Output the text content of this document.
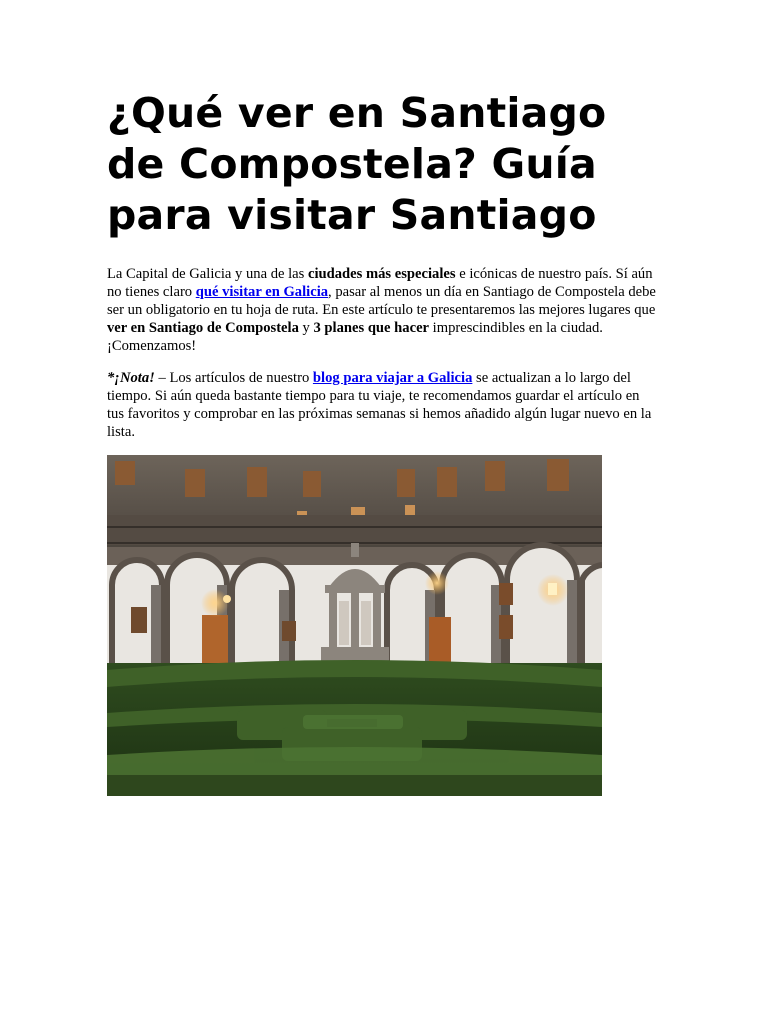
¿Qué ver en Santiago de Compostela? Guía para visitar Santiago

La Capital de Galicia y una de las ciudades más especiales e icónicas de nuestro país. Sí aún no tienes claro qué visitar en Galicia, pasar al menos un día en Santiago de Compostela debe ser un obligatorio en tu hoja de ruta. En este artículo te presentaremos las mejores lugares que ver en Santiago de Compostela y 3 planes que hacer imprescindibles en la ciudad. ¡Comenzamos!

*¡Nota! – Los artículos de nuestro blog para viajar a Galicia se actualizan a lo largo del tiempo. Si aún queda bastante tiempo para tu viaje, te recomendamos guardar el artículo en tus favoritos y comprobar en las próximas semanas si hemos añadido algún lugar nuevo en la lista.
